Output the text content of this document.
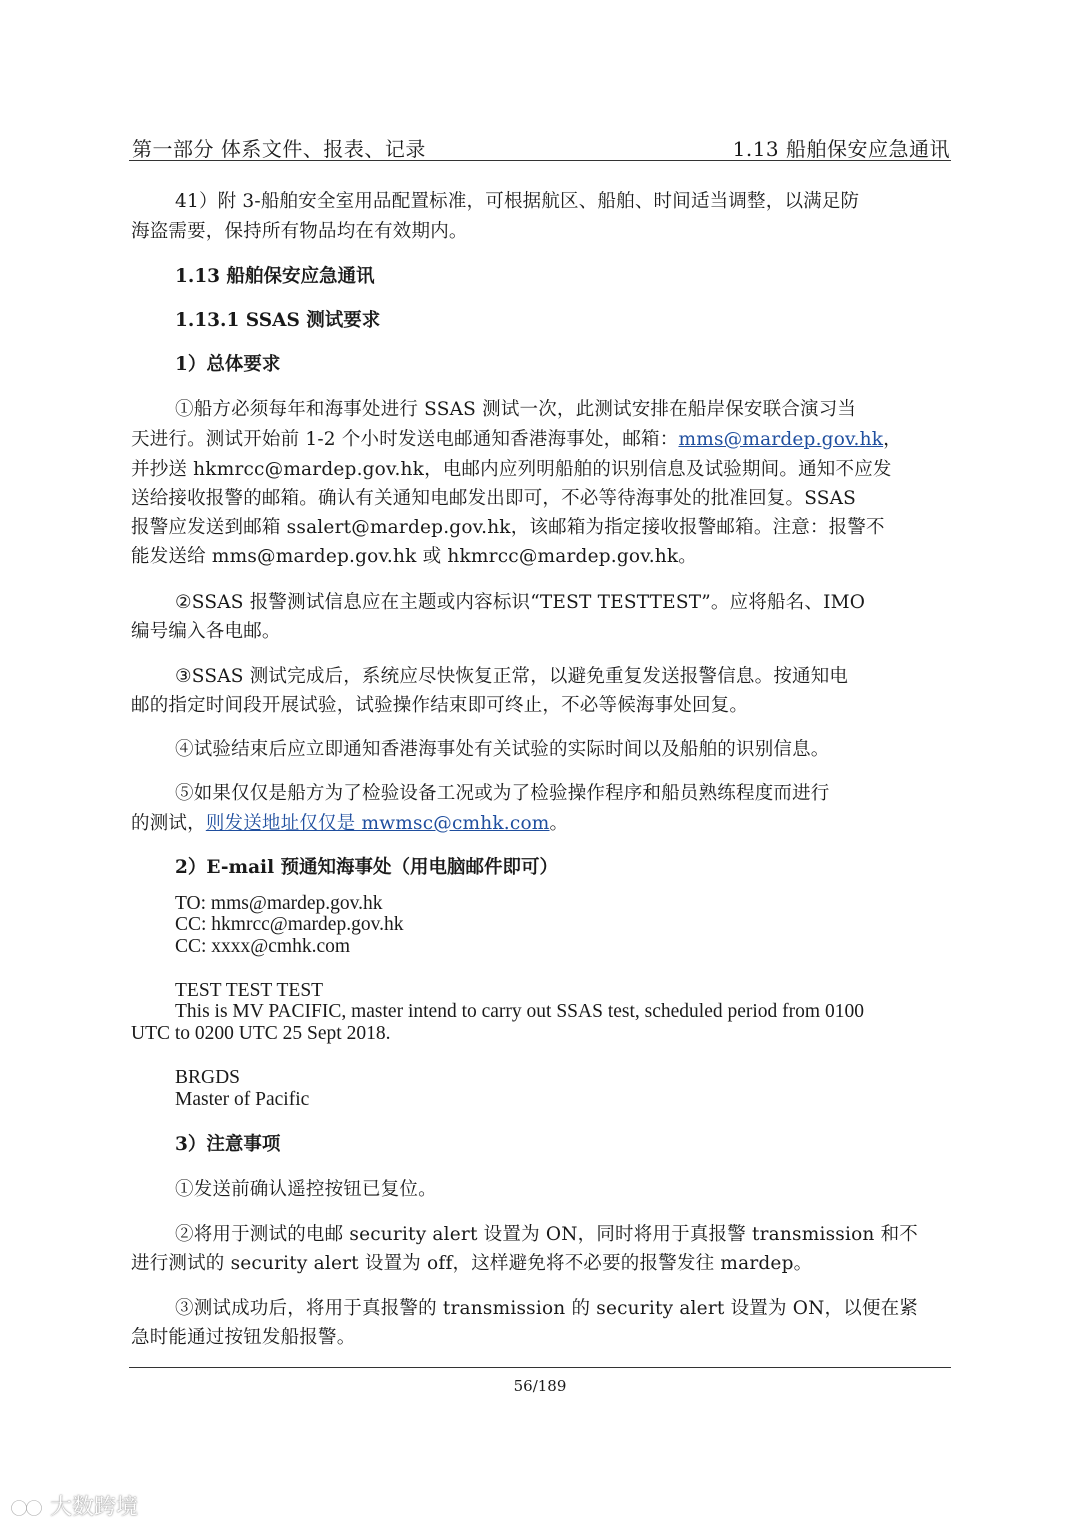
第一部分 体系文件、报表、记录	1.13 船舶保安应急通讯
41）附 3-船舶安全室用品配置标准，可根据航区、船舶、时间适当调整，以满足防
海盗需要，保持所有物品均在有效期内。
1.13 船舶保安应急通讯
1.13.1 SSAS 测试要求
1）总体要求
①船方必须每年和海事处进行 SSAS 测试一次，此测试安排在船岸保安联合演习当
天进行。测试开始前 1-2 个小时发送电邮通知香港海事处，邮箱：mms@mardep.gov.hk，
并抄送 hkmrcc@mardep.gov.hk，电邮内应列明船舶的识别信息及试验期间。通知不应发
送给接收报警的邮箱。确认有关通知电邮发出即可，不必等待海事处的批准回复。SSAS
报警应发送到邮箱 ssalert@mardep.gov.hk，该邮箱为指定接收报警邮箱。注意：报警不
能发送给 mms@mardep.gov.hk 或 hkmrcc@mardep.gov.hk。
②SSAS 报警测试信息应在主题或内容标识“TEST TESTTEST”。应将船名、IMO
编号编入各电邮。
③SSAS 测试完成后，系统应尽快恢复正常，以避免重复发送报警信息。按通知电
邮的指定时间段开展试验，试验操作结束即可终止，不必等候海事处回复。
④试验结束后应立即通知香港海事处有关试验的实际时间以及船舶的识别信息。
⑤如果仅仅是船方为了检验设备工况或为了检验操作程序和船员熟练程度而进行
的测试，则发送地址仅仅是 mwmsc@cmhk.com。
2）E-mail 预通知海事处（用电脑邮件即可）
TO: mms@mardep.gov.hk
CC: hkmrcc@mardep.gov.hk
CC: xxxx@cmhk.com
TEST TEST TEST
This is MV PACIFIC, master intend to carry out SSAS test, scheduled period from 0100
UTC to 0200 UTC 25 Sept 2018.
BRGDS
Master of Pacific
3）注意事项
①发送前确认遥控按钮已复位。
②将用于测试的电邮 security alert 设置为 ON，同时将用于真报警 transmission 和不
进行测试的 security alert 设置为 off，这样避免将不必要的报警发往 mardep。
③测试成功后，将用于真报警的 transmission 的 security alert 设置为 ON，以便在紧
急时能通过按钮发船报警。
56/189
大数跨境
